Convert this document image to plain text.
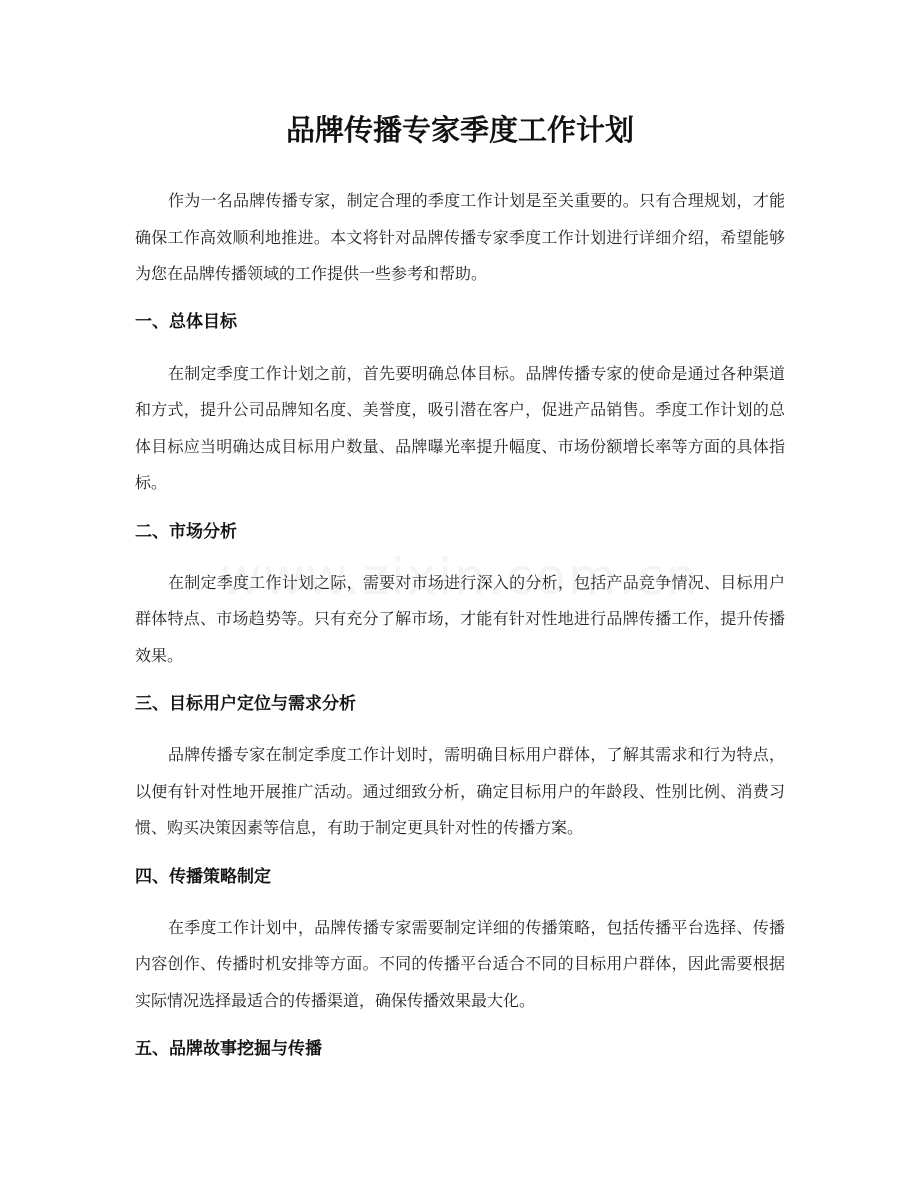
品牌传播专家季度工作计划

作为一名品牌传播专家，制定合理的季度工作计划是至关重要的。只有合理规划，才能确保工作高效顺利地推进。本文将针对品牌传播专家季度工作计划进行详细介绍，希望能够为您在品牌传播领域的工作提供一些参考和帮助。

一、总体目标

在制定季度工作计划之前，首先要明确总体目标。品牌传播专家的使命是通过各种渠道和方式，提升公司品牌知名度、美誉度，吸引潜在客户，促进产品销售。季度工作计划的总体目标应当明确达成目标用户数量、品牌曝光率提升幅度、市场份额增长率等方面的具体指标。

二、市场分析

在制定季度工作计划之际，需要对市场进行深入的分析，包括产品竞争情况、目标用户群体特点、市场趋势等。只有充分了解市场，才能有针对性地进行品牌传播工作，提升传播效果。

三、目标用户定位与需求分析

品牌传播专家在制定季度工作计划时，需明确目标用户群体，了解其需求和行为特点，以便有针对性地开展推广活动。通过细致分析，确定目标用户的年龄段、性别比例、消费习惯、购买决策因素等信息，有助于制定更具针对性的传播方案。

四、传播策略制定

在季度工作计划中，品牌传播专家需要制定详细的传播策略，包括传播平台选择、传播内容创作、传播时机安排等方面。不同的传播平台适合不同的目标用户群体，因此需要根据实际情况选择最适合的传播渠道，确保传播效果最大化。

五、品牌故事挖掘与传播
